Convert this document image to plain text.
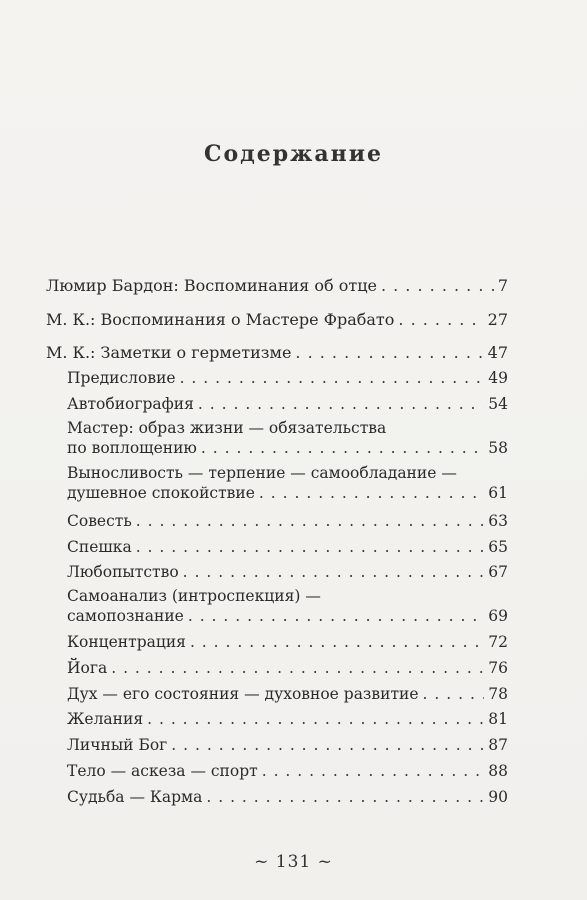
Содержание
Люмир Бардон: Воспоминания об отце . . .	7
М. К.: Воспоминания о Мастере Фрабато . . .	27
М. К.: Заметки о герметизме . . .	47
Предисловие . . .	49
Автобиография . . .	54
Мастер: образ жизни — обязательства
по воплощению . . .	58
Выносливость — терпение — самообладание —
душевное спокойствие . . .	61
Совесть . . .	63
Спешка . . .	65
Любопытство . . .	67
Самоанализ (интроспекция) —
самопознание . . .	69
Концентрация . . .	72
Йога . . .	76
Дух — его состояния — духовное развитие . . .	78
Желания . . .	81
Личный Бог . . .	87
Тело — аскеза — спорт . . .	88
Судьба — Карма . . .	90
~ 131 ~
